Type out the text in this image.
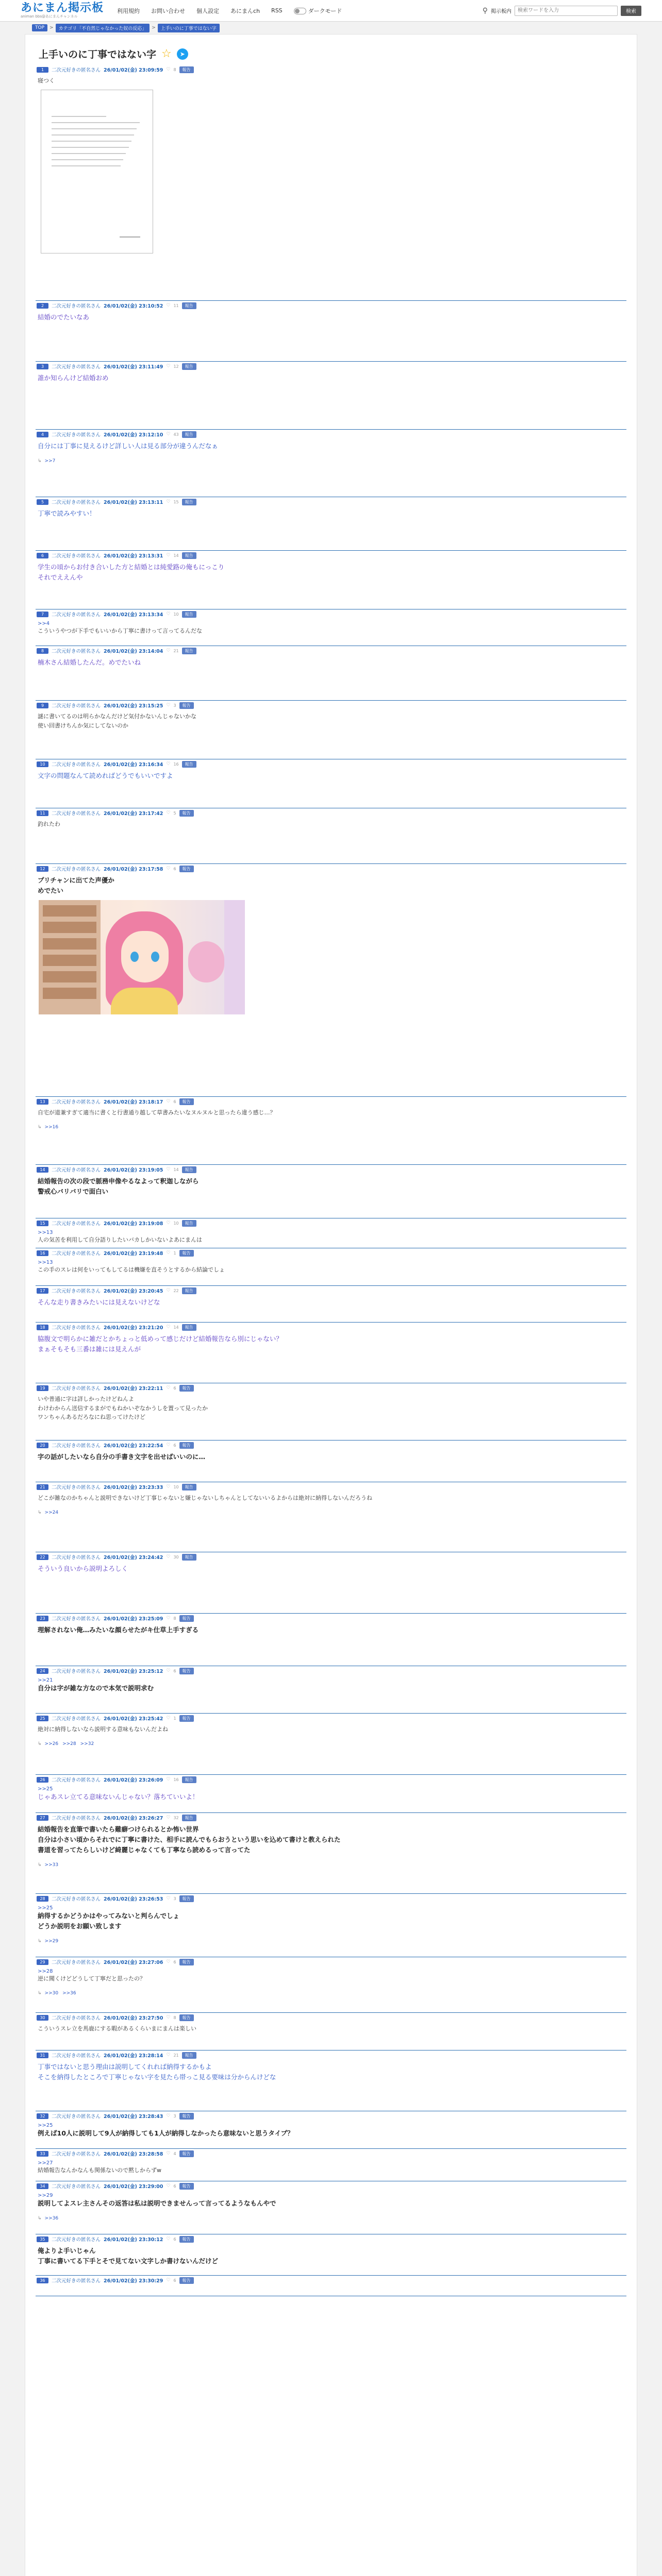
あにまん掲示板
animan bbs@あにまんチャンネル
利用規約 お問い合わせ 個人設定 あにまんch RSS	ダークモード	⚲ 掲示板内
検索ワードを入力	検索
TOP	>	カテゴリ「不自然じゃなかった奴の反応」	>	上手いのに丁事ではない字
上手いのに丁事ではない字 ☆	➤
1	二次元好きの匿名さん 26/01/02(金) 23:09:59 ♡ 8	報告
寝つく
2	二次元好きの匿名さん 26/01/02(金) 23:10:52 ♡ 11	報告
結婚のでたいなあ
3	二次元好きの匿名さん 26/01/02(金) 23:11:49 ♡ 12	報告
誰か知らんけど結婚おめ
4	二次元好きの匿名さん 26/01/02(金) 23:12:10 ♡ 43	報告
自分には丁事に見えるけど詳しい人は見る部分が違うんだなぁ
↳ >>7
5	二次元好きの匿名さん 26/01/02(金) 23:13:11 ♡ 15	報告
丁寧で読みやすい！
6	二次元好きの匿名さん 26/01/02(金) 23:13:31 ♡ 14	報告
学生の頃からお付き合いした方と結婚とは純愛路の俺もにっこり
それでええんや
7	二次元好きの匿名さん 26/01/02(金) 23:13:34 ♡ 10	報告
>>4
こういうやつが下手でもいいから丁寧に書けって言ってるんだな
8	二次元好きの匿名さん 26/01/02(金) 23:14:04 ♡ 21	報告
楠木さん結婚したんだ。めでたいね
9	二次元好きの匿名さん 26/01/02(金) 23:15:25 ♡ 3	報告
謎に書いてるのは明らかなんだけど気付かないんじゃないかな
使い回書けちんか気にしてないのか
10	二次元好きの匿名さん 26/01/02(金) 23:16:34 ♡ 16	報告
文字の問題なんて読めればどうでもいいですよ
11	二次元好きの匿名さん 26/01/02(金) 23:17:42 ♡ 5	報告
釣れたわ
12	二次元好きの匿名さん 26/01/02(金) 23:17:58 ♡ 6	報告
プリチャンに出てた声優か
めでたい
13	二次元好きの匿名さん 26/01/02(金) 23:18:17 ♡ 6	報告
自宅が道兼すぎて適当に書くと行書通り越して草書みたいなヌルヌルと思ったら違う感じ…？
↳ >>16
14	二次元好きの匿名さん 26/01/02(金) 23:19:05 ♡ 14	報告
結婚報告の次の段で脈務申像やるなよって釈迦しながら
警戒心バリバリで面白い
15	二次元好きの匿名さん 26/01/02(金) 23:19:08 ♡ 10	報告
>>13
人の気苦を利用して自分語りしたいバカしかいないよあにまんは
16	二次元好きの匿名さん 26/01/02(金) 23:19:48 ♡ 1	報告
>>13
この手のスレは何をいってもしてるは機嫌を直そうとするから結論でしょ
17	二次元好きの匿名さん 26/01/02(金) 23:20:45 ♡ 22	報告
そんな走り書きみたいには見えないけどな
18	二次元好きの匿名さん 26/01/02(金) 23:21:20 ♡ 14	報告
脇腹文で明らかに雑だとかちょっと低めって感じだけど結婚報告なら別にじゃない？
まぁそもそも三番は雑には見えんが
19	二次元好きの匿名さん 26/01/02(金) 23:22:11 ♡ 6	報告
いや普通に字は詳しかったけどねんよ
わけわからん送信するまがでもねかいぞなかうしを置って見ったか
ワンちゃんあるだろなにね思ってけたけど
20	二次元好きの匿名さん 26/01/02(金) 23:22:54 ♡ 6	報告
字の話がしたいなら自分の手書き文字を出せばいいのに…
21	二次元好きの匿名さん 26/01/02(金) 23:23:33 ♡ 10	報告
どこが雑なのかちゃんと説明できないけど丁事じゃないと嫌じゃないしちゃんとしてないいるよからは絶対に納得しないんだろうね
↳ >>24
22	二次元好きの匿名さん 26/01/02(金) 23:24:42 ♡ 30	報告
そういう良いから説明よろしく
23	二次元好きの匿名さん 26/01/02(金) 23:25:09 ♡ 8	報告
理解されない俺…みたいな顔らせたがキ仕草上手すぎる
24	二次元好きの匿名さん 26/01/02(金) 23:25:12 ♡ 6	報告
>>21
自分は字が雑な方なので本気で説明求む
25	二次元好きの匿名さん 26/01/02(金) 23:25:42 ♡ 1	報告
絶対に納得しないなら説明する意味もないんだよね
↳ >>26 >>28 >>32
26	二次元好きの匿名さん 26/01/02(金) 23:26:09 ♡ 16	報告
>>25
じゃあスレ立てる意味ないんじゃない？落ちていいよ！
27	二次元好きの匿名さん 26/01/02(金) 23:26:27 ♡ 32	報告
結婚報告を直筆で書いたら難癖つけられるとか怖い世界
自分は小さい頃からそれでに丁寧に書けた、相手に読んでもらおうという思いを込めて書けと教えられた
書道を習ってたらしいけど綺麗じゃなくても丁寧なら読めるって言ってた
↳ >>33
28	二次元好きの匿名さん 26/01/02(金) 23:26:53 ♡ 3	報告
>>25
納得するかどうかはやってみないと判らんでしょ
どうか説明をお願い致します
↳ >>29
29	二次元好きの匿名さん 26/01/02(金) 23:27:06 ♡ 6	報告
>>28
逆に聞くけどどうして丁寧だと思ったの？
↳ >>30 >>36
30	二次元好きの匿名さん 26/01/02(金) 23:27:50 ♡ 8	報告
こういうスレ立を馬鹿にする暇があるくらいまにまんは楽しい
31	二次元好きの匿名さん 26/01/02(金) 23:28:14 ♡ 21	報告
丁事ではないと思う理由は説明してくれれば納得するかもよ
そこを納得したところで丁寧じゃない字を見たら帯っこ見る要味は分からんけどな
32	二次元好きの匿名さん 26/01/02(金) 23:28:43 ♡ 3	報告
>>25
例えば10人に説明して9人が納得しても1人が納得しなかったら意味ないと思うタイプ？
33	二次元好きの匿名さん 26/01/02(金) 23:28:58 ♡ 4	報告
>>27
結婚報告なんかなんも関係ないので黙しからずw
34	二次元好きの匿名さん 26/01/02(金) 23:29:00 ♡ 6	報告
>>29
説明してよスレ主さんその返答は私は説明できませんって言ってるようなもんやで
↳ >>36
35	二次元好きの匿名さん 26/01/02(金) 23:30:12 ♡ 6	報告
俺よりよ手いじゃん
丁事に書いてる下手とそで見てない文字しか書けないんだけど
36	二次元好きの匿名さん 26/01/02(金) 23:30:29 ♡ 6	報告
